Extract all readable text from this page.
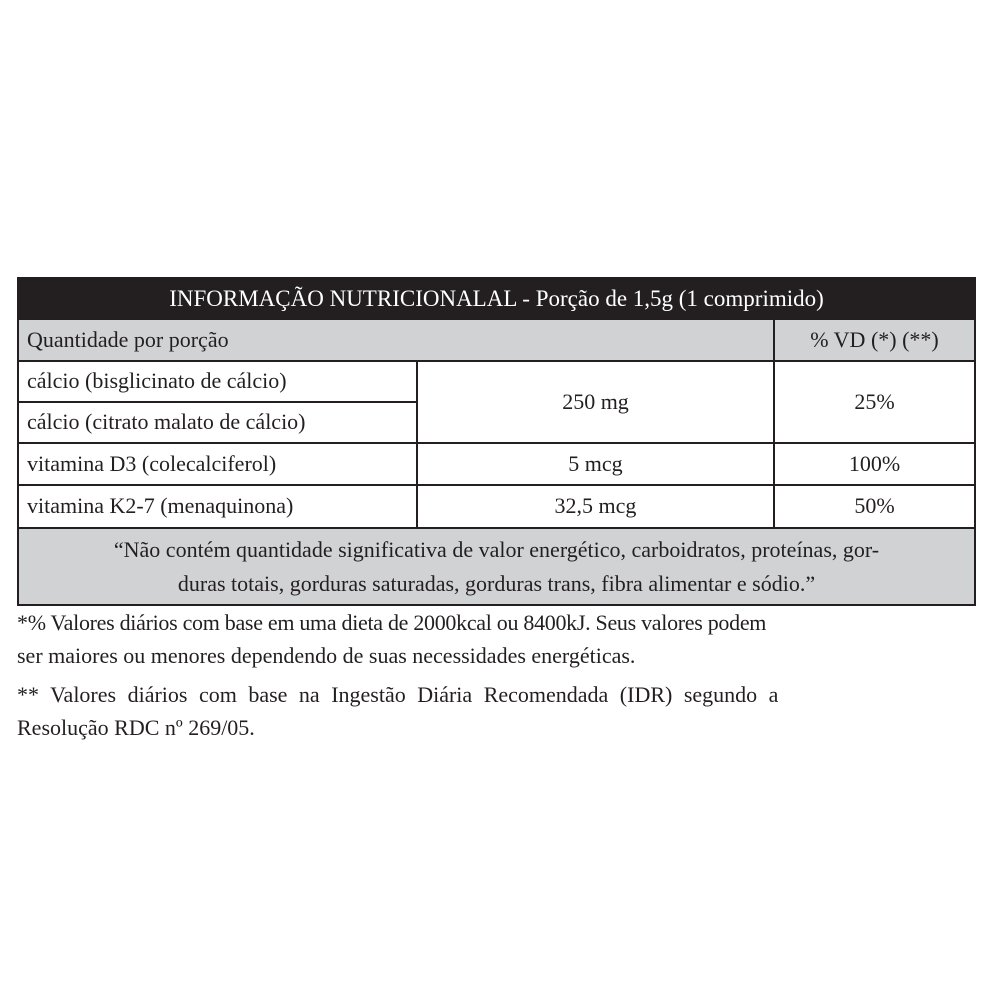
INFORMAÇÃO NUTRICIONALAL - Porção de 1,5g (1 comprimido)
Quantidade por porção	% VD (*) (**)
cálcio (bisglicinato de cálcio)
cálcio (citrato malato de cálcio)
vitamina D3 (colecalciferol)
vitamina K2-7 (menaquinona)
250 mg
5 mcg
32,5 mcg
25%
100%
50%
“Não contém quantidade significativa de valor energético, carboidratos, proteínas, gor-
duras totais, gorduras saturadas, gorduras trans, fibra alimentar e sódio.”
*% Valores diários com base em uma dieta de 2000kcal ou 8400kJ. Seus valores podem
ser maiores ou menores dependendo de suas necessidades energéticas.
** Valores diários com base na Ingestão Diária Recomendada (IDR) segundo a
Resolução RDC nº 269/05.
